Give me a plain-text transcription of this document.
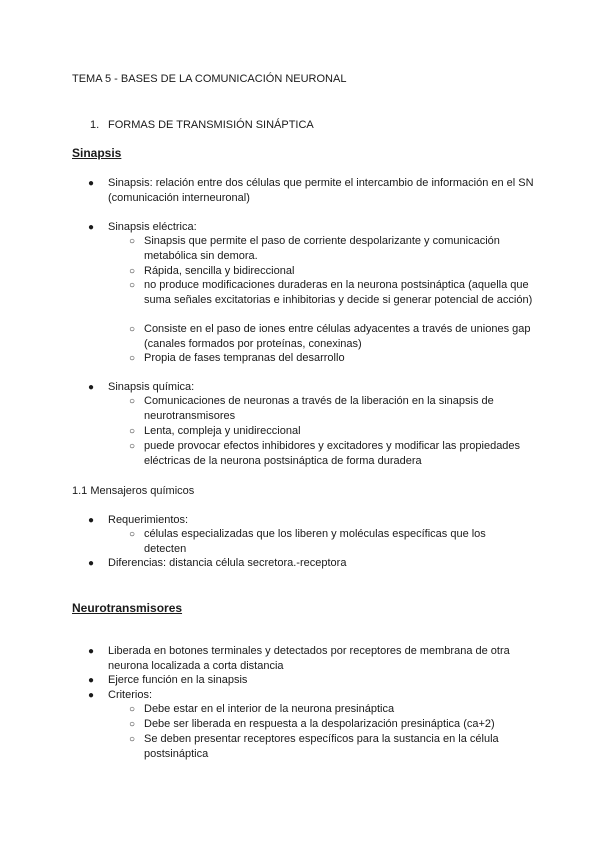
TEMA 5 - BASES DE LA COMUNICACIÓN NEURONAL
1. FORMAS DE TRANSMISIÓN SINÁPTICA
Sinapsis
● Sinapsis: relación entre dos células que permite el intercambio de información en el SN (comunicación interneuronal)
● Sinapsis eléctrica:
○ Sinapsis que permite el paso de corriente despolarizante y comunicación metabólica sin demora.
○ Rápida, sencilla y bidireccional
○ no produce modificaciones duraderas en la neurona postsináptica (aquella que suma señales excitatorias e inhibitorias y decide si generar potencial de acción)
○ Consiste en el paso de iones entre células adyacentes a través de uniones gap (canales formados por proteínas, conexinas)
○ Propia de fases tempranas del desarrollo
● Sinapsis química:
○ Comunicaciones de neuronas a través de la liberación en la sinapsis de neurotransmisores
○ Lenta, compleja y unidireccional
○ puede provocar efectos inhibidores y excitadores y modificar las propiedades eléctricas de la neurona postsináptica de forma duradera
1.1 Mensajeros químicos
● Requerimientos:
○ células especializadas que los liberen y moléculas específicas que los detecten
● Diferencias: distancia célula secretora.-receptora
Neurotransmisores
● Liberada en botones terminales y detectados por receptores de membrana de otra neurona localizada a corta distancia
● Ejerce función en la sinapsis
● Criterios:
○ Debe estar en el interior de la neurona presináptica
○ Debe ser liberada en respuesta a la despolarización presináptica (ca+2)
○ Se deben presentar receptores específicos para la sustancia en la célula postsináptica
